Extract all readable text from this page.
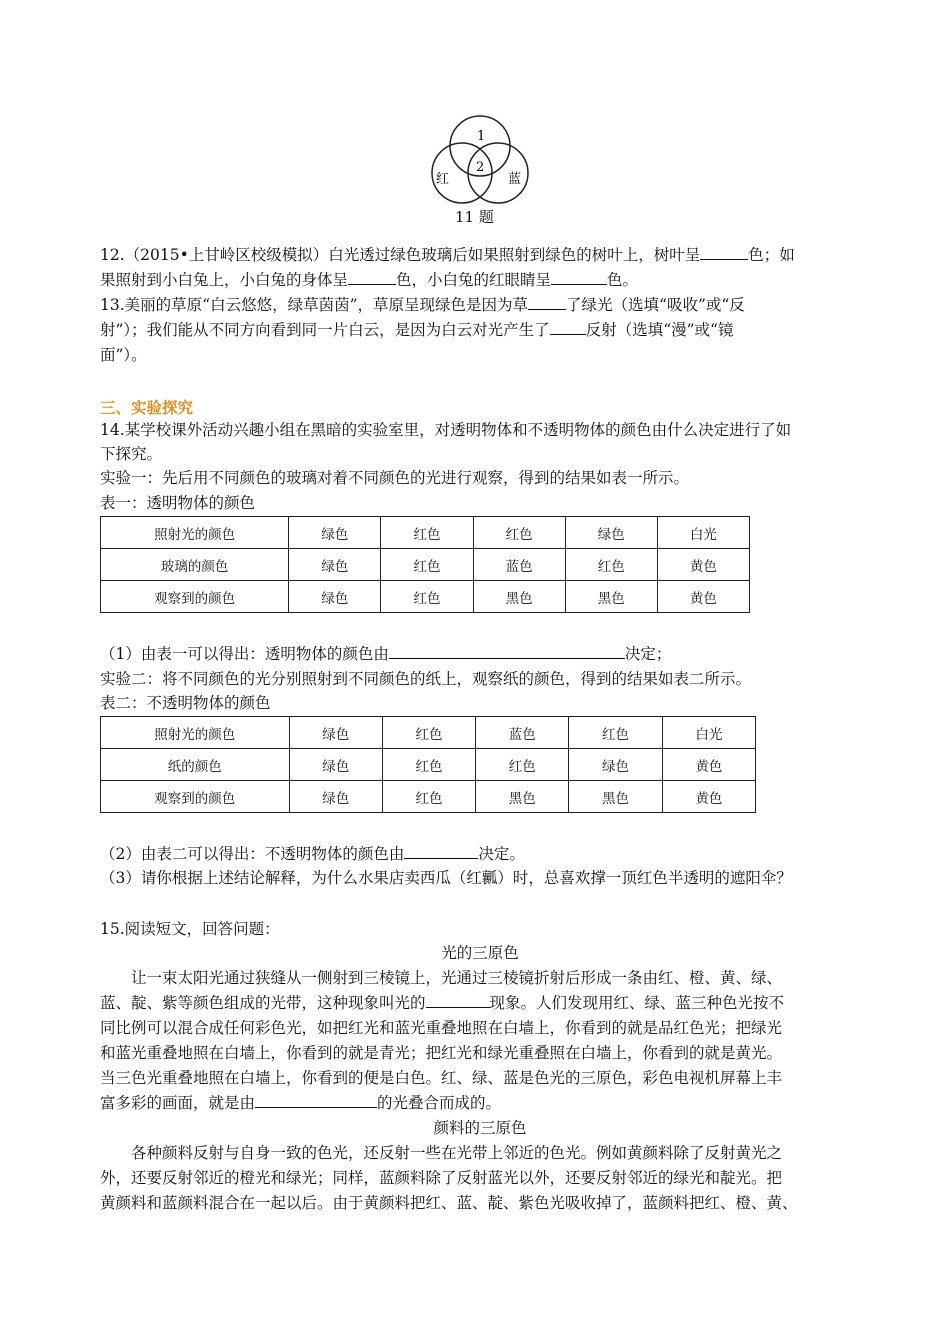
1
2
红	蓝
11 题

12.（2015•上甘岭区校级模拟）白光透过绿色玻璃后如果照射到绿色的树叶上，树叶呈	色；如

果照射到小白兔上，小白兔的身体呈	色，小白兔的红眼睛呈	色。

13.美丽的草原“白云悠悠，绿草茵茵”，草原呈现绿色是因为草 了绿光（选填“吸收”或“反

射”）；我们能从不同方向看到同一片白云，是因为白云对光产生了 反射（选填“漫”或“镜

面”）。

三、实验探究

14.某学校课外活动兴趣小组在黑暗的实验室里，对透明物体和不透明物体的颜色由什么决定进行了如

下探究。

实验一：先后用不同颜色的玻璃对着不同颜色的光进行观察，得到的结果如表一所示。

表一：透明物体的颜色

照射光的颜色	绿色	红色	红色	绿色	白光
玻璃的颜色	绿色	红色	蓝色	红色	黄色
观察到的颜色	绿色	红色	黑色	黑色	黄色

（1）由表一可以得出：透明物体的颜色由	决定；

实验二：将不同颜色的光分别照射到不同颜色的纸上，观察纸的颜色，得到的结果如表二所示。

表二：不透明物体的颜色

照射光的颜色	绿色	红色	蓝色	红色	白光
纸的颜色	绿色	红色	红色	绿色	黄色
观察到的颜色	绿色	红色	黑色	黑色	黄色

（2）由表二可以得出：不透明物体的颜色由	决定。

（3）请你根据上述结论解释，为什么水果店卖西瓜（红瓤）时，总喜欢撑一顶红色半透明的遮阳伞？

15.阅读短文，回答问题：

光的三原色

让一束太阳光通过狭缝从一侧射到三棱镜上，光通过三棱镜折射后形成一条由红、橙、黄、绿、

蓝、靛、紫等颜色组成的光带，这种现象叫光的	现象。人们发现用红、绿、蓝三种色光按不

同比例可以混合成任何彩色光，如把红光和蓝光重叠地照在白墙上，你看到的就是品红色光；把绿光

和蓝光重叠地照在白墙上，你看到的就是青光；把红光和绿光重叠照在白墙上，你看到的就是黄光。

当三色光重叠地照在白墙上，你看到的便是白色。红、绿、蓝是色光的三原色，彩色电视机屏幕上丰

富多彩的画面，就是由	的光叠合而成的。

颜料的三原色

各种颜料反射与自身一致的色光，还反射一些在光带上邻近的色光。例如黄颜料除了反射黄光之

外，还要反射邻近的橙光和绿光；同样，蓝颜料除了反射蓝光以外，还要反射邻近的绿光和靛光。把

黄颜料和蓝颜料混合在一起以后。由于黄颜料把红、蓝、靛、紫色光吸收掉了，蓝颜料把红、橙、黄、
